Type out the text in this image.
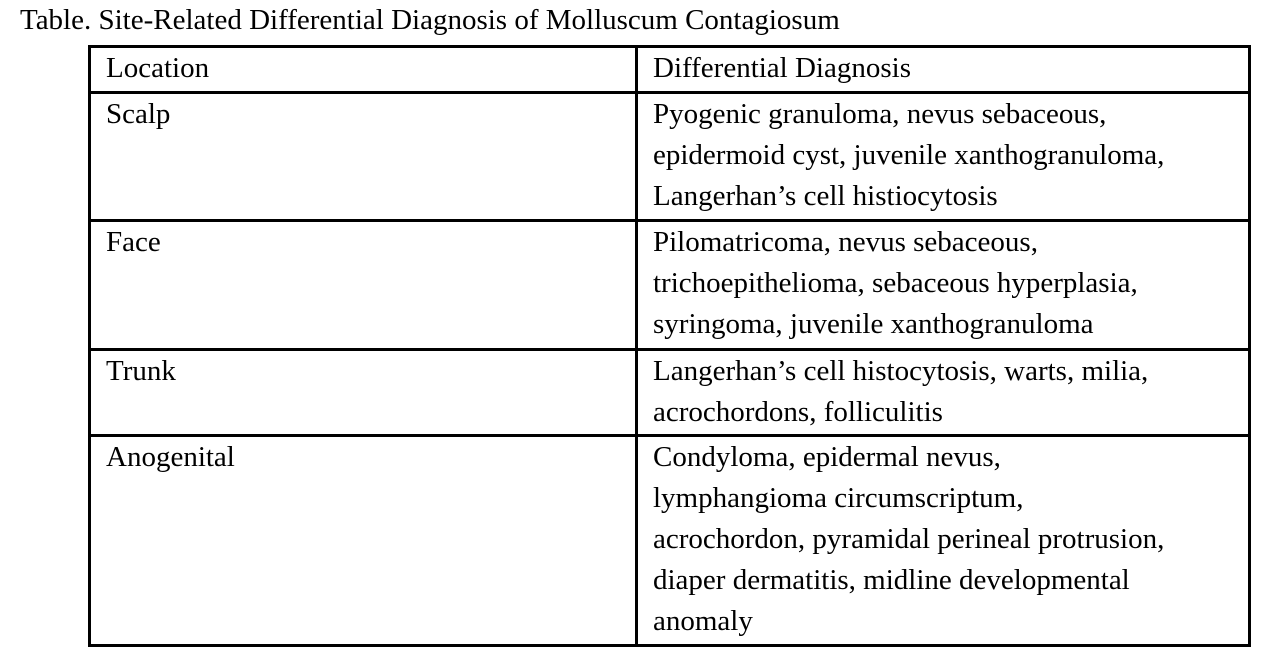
Table. Site-Related Differential Diagnosis of Molluscum Contagiosum
Location	Differential Diagnosis
Scalp	Pyogenic granuloma, nevus sebaceous,
epidermoid cyst, juvenile xanthogranuloma,
Langerhan’s cell histiocytosis

Face	Pilomatricoma, nevus sebaceous,
trichoepithelioma, sebaceous hyperplasia,
syringoma, juvenile xanthogranuloma

Trunk	Langerhan’s cell histocytosis, warts, milia,
acrochordons, folliculitis

Anogenital	Condyloma, epidermal nevus,
lymphangioma circumscriptum,
acrochordon, pyramidal perineal protrusion,
diaper dermatitis, midline developmental
anomaly
